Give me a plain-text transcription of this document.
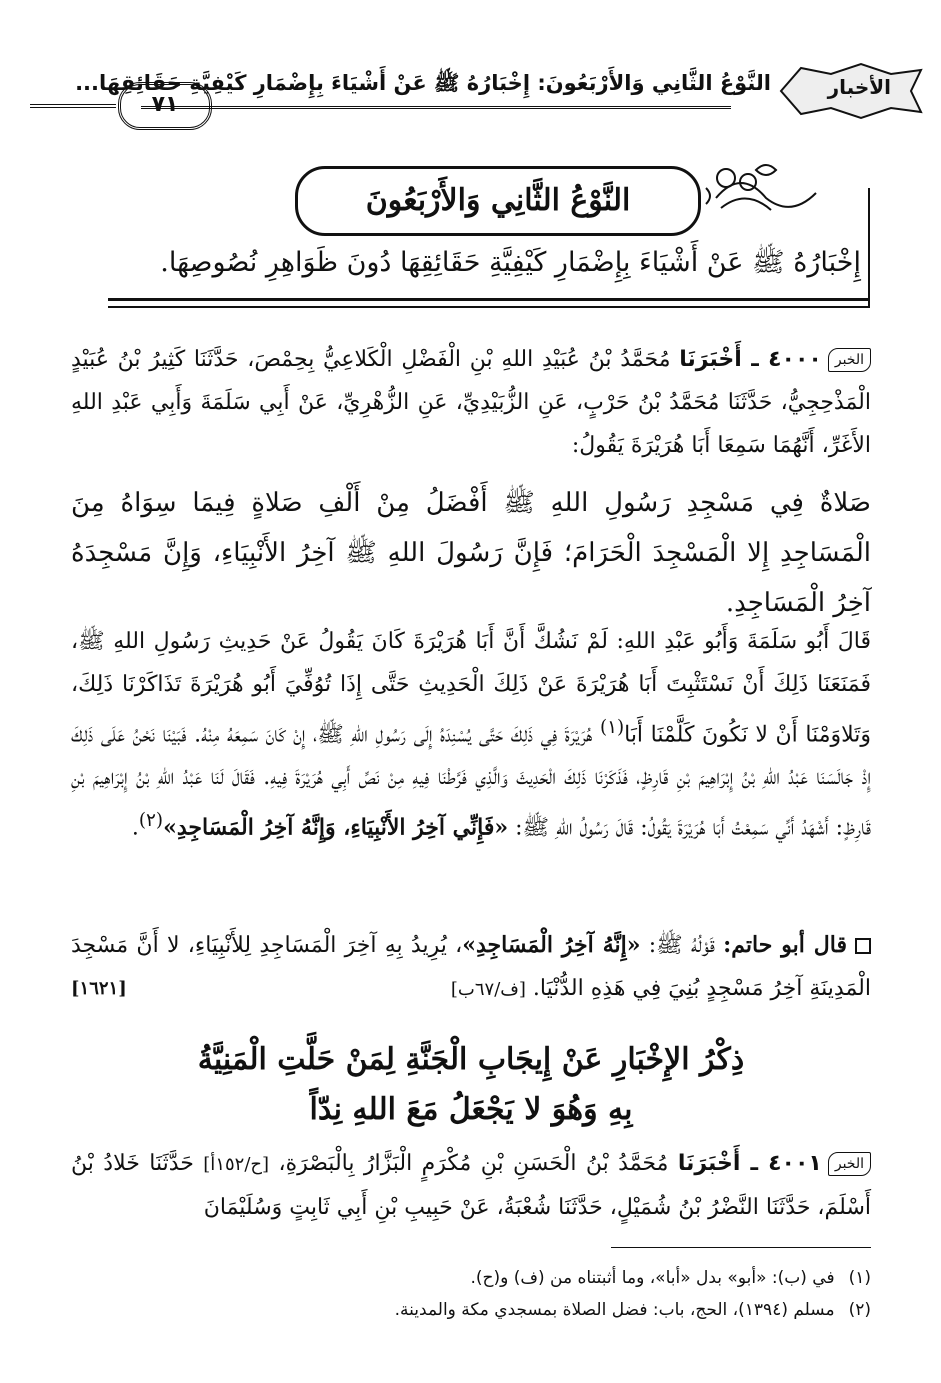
الأخبار
النَّوْعُ الثَّانِي وَالأَرْبَعُونَ: إِخْبَارُهُ ﷺ عَنْ أَشْيَاءَ بِإِضْمَارِ كَيْفِيَّةِ حَقَائِقِهَا...
٧١
النَّوْعُ الثَّانِي وَالأَرْبَعُونَ
إِخْبَارُهُ ﷺ عَنْ أَشْيَاءَ بِإِضْمَارِ كَيْفِيَّةِ حَقَائِقِهَا دُونَ ظَوَاهِرِ نُصُوصِهَا.
الخبر٤٠٠٠ ـ أَخْبَرَنَا مُحَمَّدُ بْنُ عُبَيْدِ اللهِ بْنِ الْفَضْلِ الْكَلاعِيُّ بِحِمْصَ، حَدَّثَنَا كَثِيرُ بْنُ عُبَيْدٍ الْمَذْحِجِيُّ، حَدَّثَنَا مُحَمَّدُ بْنُ حَرْبٍ، عَنِ الزُّبَيْدِيِّ، عَنِ الزُّهْرِيِّ، عَنْ أَبِي سَلَمَةَ وَأَبِي عَبْدِ اللهِ الأَغَرِّ، أَنَّهُمَا سَمِعَا أَبَا هُرَيْرَةَ يَقُولُ:
صَلاةٌ فِي مَسْجِدِ رَسُولِ اللهِ ﷺ أَفْضَلُ مِنْ أَلْفِ صَلاةٍ فِيمَا سِوَاهُ مِنَ الْمَسَاجِدِ إِلا الْمَسْجِدَ الْحَرَامَ؛ فَإِنَّ رَسُولَ اللهِ ﷺ آخِرُ الأَنْبِيَاءِ، وَإِنَّ مَسْجِدَهُ آخِرُ الْمَسَاجِدِ.
قَالَ أَبُو سَلَمَةَ وَأَبُو عَبْدِ اللهِ: لَمْ نَشُكَّ أَنَّ أَبَا هُرَيْرَةَ كَانَ يَقُولُ عَنْ حَدِيثِ رَسُولِ اللهِ ﷺ، فَمَنَعَنَا ذَلِكَ أَنْ نَسْتَثْبِتَ أَبَا هُرَيْرَةَ عَنْ ذَلِكَ الْحَدِيثِ حَتَّى إِذَا تُوُفِّيَ أَبُو هُرَيْرَةَ تَذَاكَرْنَا ذَلِكَ، وَتَلاوَمْنَا أَنْ لا نَكُونَ كَلَّمْنَا أَبَا$^{(١)}$ هُرَيْرَةَ فِي ذَلِكَ حَتَّى يُسْنِدَهُ إِلَى رَسُولِ اللهِ ﷺ، إِنْ كَانَ سَمِعَهُ مِنْهُ. فَبَيْنَا نَحْنُ عَلَى ذَلِكَ إِذْ جَالَسَنَا عَبْدُ اللهِ بْنُ إِبْرَاهِيمَ بْنِ قَارِظٍ، فَذَكَرْنَا ذَلِكَ الْحَدِيثَ وَالَّذِي فَرَّطْنَا فِيهِ مِنْ نَصِّ أَبِي هُرَيْرَةَ فِيهِ. فَقَالَ لَنَا عَبْدُ اللهِ بْنُ إِبْرَاهِيمَ بْنِ قَارِظٍ: أَشْهَدُ أَنِّي سَمِعْتُ أَبَا هُرَيْرَةَ يَقُولُ: قَالَ رَسُولُ اللهِ ﷺ: «فَإِنِّي آخِرُ الأَنْبِيَاءِ، وَإِنَّهُ آخِرُ الْمَسَاجِدِ»$^{(٢)}$.
قال أبو حاتم: قَوْلُهُ ﷺ: «إِنَّهُ آخِرُ الْمَسَاجِدِ»، يُرِيدُ بِهِ آخِرَ الْمَسَاجِدِ لِلأَنْبِيَاءِ، لا أَنَّ مَسْجِدَ الْمَدِينَةِ آخِرُ مَسْجِدٍ بُنِيَ فِي هَذِهِ الدُّنْيَا. [ف/٦٧ب]
[١٦٢١]
ذِكْرُ الإِخْبَارِ عَنْ إِيجَابِ الْجَنَّةِ لِمَنْ حَلَّتِ الْمَنِيَّةُ
بِهِ وَهُوَ لا يَجْعَلُ مَعَ اللهِ نِدّاً
الخبر٤٠٠١ ـ أَخْبَرَنَا مُحَمَّدُ بْنُ الْحَسَنِ بْنِ مُكْرَمٍ الْبَزَّارُ بِالْبَصْرَةِ، [ح/١٥٢أ] حَدَّثَنَا خَلادُ بْنُ أَسْلَمَ، حَدَّثَنَا النَّضْرُ بْنُ شُمَيْلٍ، حَدَّثَنَا شُعْبَةُ، عَنْ حَبِيبِ بْنِ أَبِي ثَابِتٍ وَسُلَيْمَانَ
(١)في (ب): «أبو» بدل «أبا»، وما أثبتناه من (ف) و(ح).
(٢)مسلم (١٣٩٤)، الحج، باب: فضل الصلاة بمسجدي مكة والمدينة.
